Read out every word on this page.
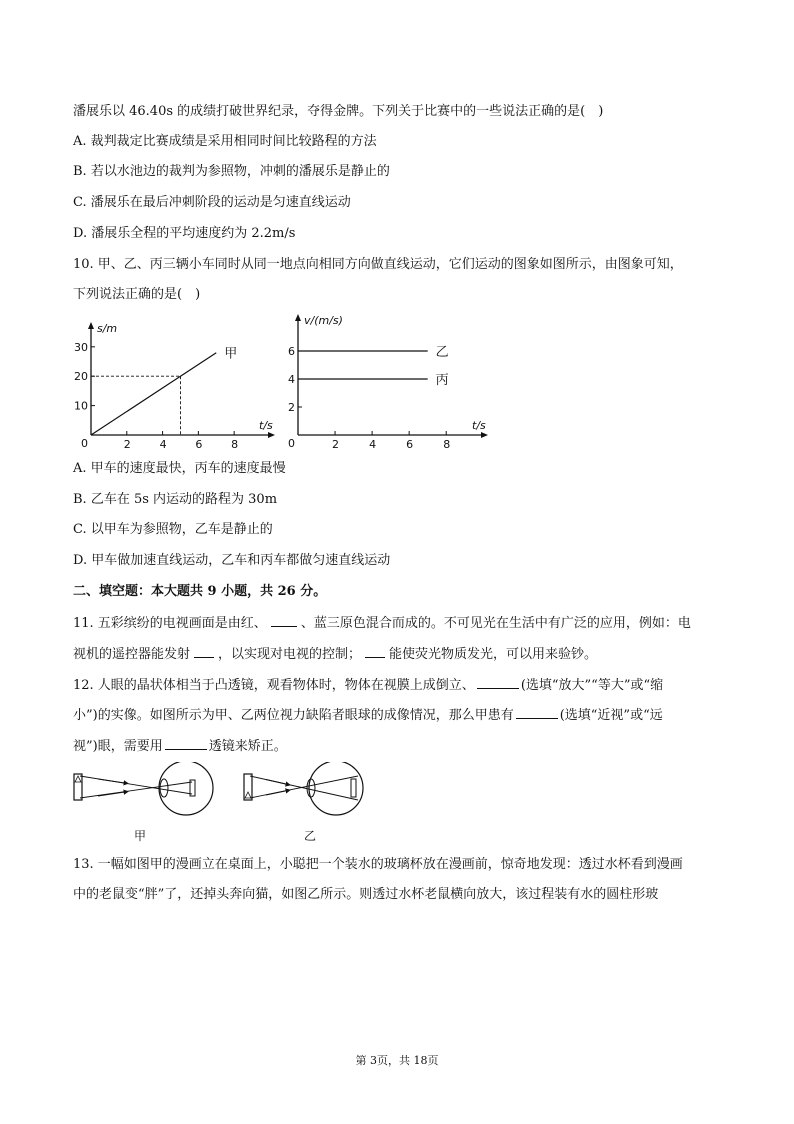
潘展乐以 46.40s 的成绩打破世界纪录，夺得金牌。下列关于比赛中的一些说法正确的是(　)
A. 裁判裁定比赛成绩是采用相同时间比较路程的方法
B. 若以水池边的裁判为参照物，冲刺的潘展乐是静止的
C. 潘展乐在最后冲刺阶段的运动是匀速直线运动
D. 潘展乐全程的平均速度约为 2.2m/s
10. 甲、乙、丙三辆小车同时从同一地点向相同方向做直线运动，它们运动的图象如图所示，由图象可知，
下列说法正确的是(　)
t/s
s/m
0	2	4	6	8
10
20
30	甲
t/s
v/(m/s)
0	2	4	6	8
2
4
6	乙
丙
A. 甲车的速度最快，丙车的速度最慢
B. 乙车在 5s 内运动的路程为 30m
C. 以甲车为参照物，乙车是静止的
D. 甲车做加速直线运动，乙车和丙车都做匀速直线运动
二、填空题：本大题共 9 小题，共 26 分。
11. 五彩缤纷的电视画面是由红、	、蓝三原色混合而成的。不可见光在生活中有广泛的应用，例如：电
视机的遥控器能发射 ，以实现对电视的控制； 能使荧光物质发光，可以用来验钞。
12. 人眼的晶状体相当于凸透镜，观看物体时，物体在视膜上成倒立、	(选填“放大”“等大”或“缩
小”)的实像。如图所示为甲、乙两位视力缺陷者眼球的成像情况，那么甲患有	(选填“近视”或“远
视”)眼，需要用	透镜来矫正。
甲	乙
13. 一幅如图甲的漫画立在桌面上，小聪把一个装水的玻璃杯放在漫画前，惊奇地发现：透过水杯看到漫画
中的老鼠变“胖”了，还掉头奔向猫，如图乙所示。则透过水杯老鼠横向放大，该过程装有水的圆柱形玻
第 3页，共 18页
